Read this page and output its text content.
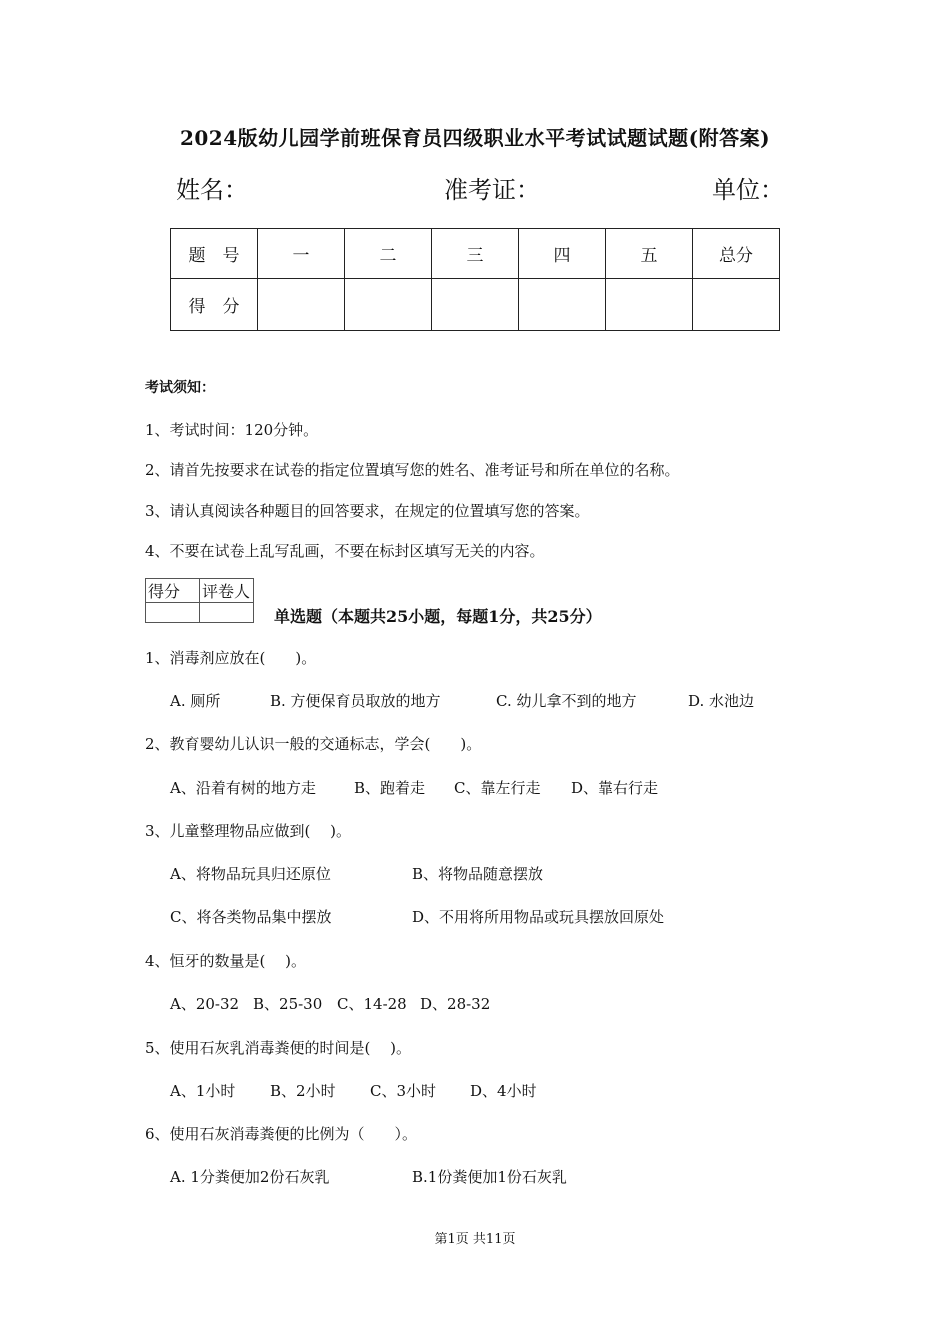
2024版幼儿园学前班保育员四级职业水平考试试题试题(附答案)
姓名：	准考证：	单位：
题　号	一	二	三	四	五	总分
得　分						
考试须知：
1、考试时间：120分钟。
2、请首先按要求在试卷的指定位置填写您的姓名、准考证号和所在单位的名称。
3、请认真阅读各种题目的回答要求，在规定的位置填写您的答案。
4、不要在试卷上乱写乱画，不要在标封区填写无关的内容。
得分	评卷人

单选题（本题共25小题，每题1分，共25分）
1、消毒剂应放在(　　)。
A. 厕所	B. 方便保育员取放的地方	C. 幼儿拿不到的地方	D. 水池边
2、教育婴幼儿认识一般的交通标志，学会(　　)。
A、沿着有树的地方走	B、跑着走 C、靠左行走 D、靠右行走
3、儿童整理物品应做到(　 )。
A、将物品玩具归还原位	B、将物品随意摆放
C、将各类物品集中摆放	D、不用将所用物品或玩具摆放回原处
4、恒牙的数量是(　 )。
A、20-32 B、25-30 C、14-28 D、28-32
5、使用石灰乳消毒粪便的时间是(　 )。
A、1小时 B、2小时 C、3小时 D、4小时
6、使用石灰消毒粪便的比例为（　　）。
A. 1分粪便加2份石灰乳	B.1份粪便加1份石灰乳
第1页 共11页
